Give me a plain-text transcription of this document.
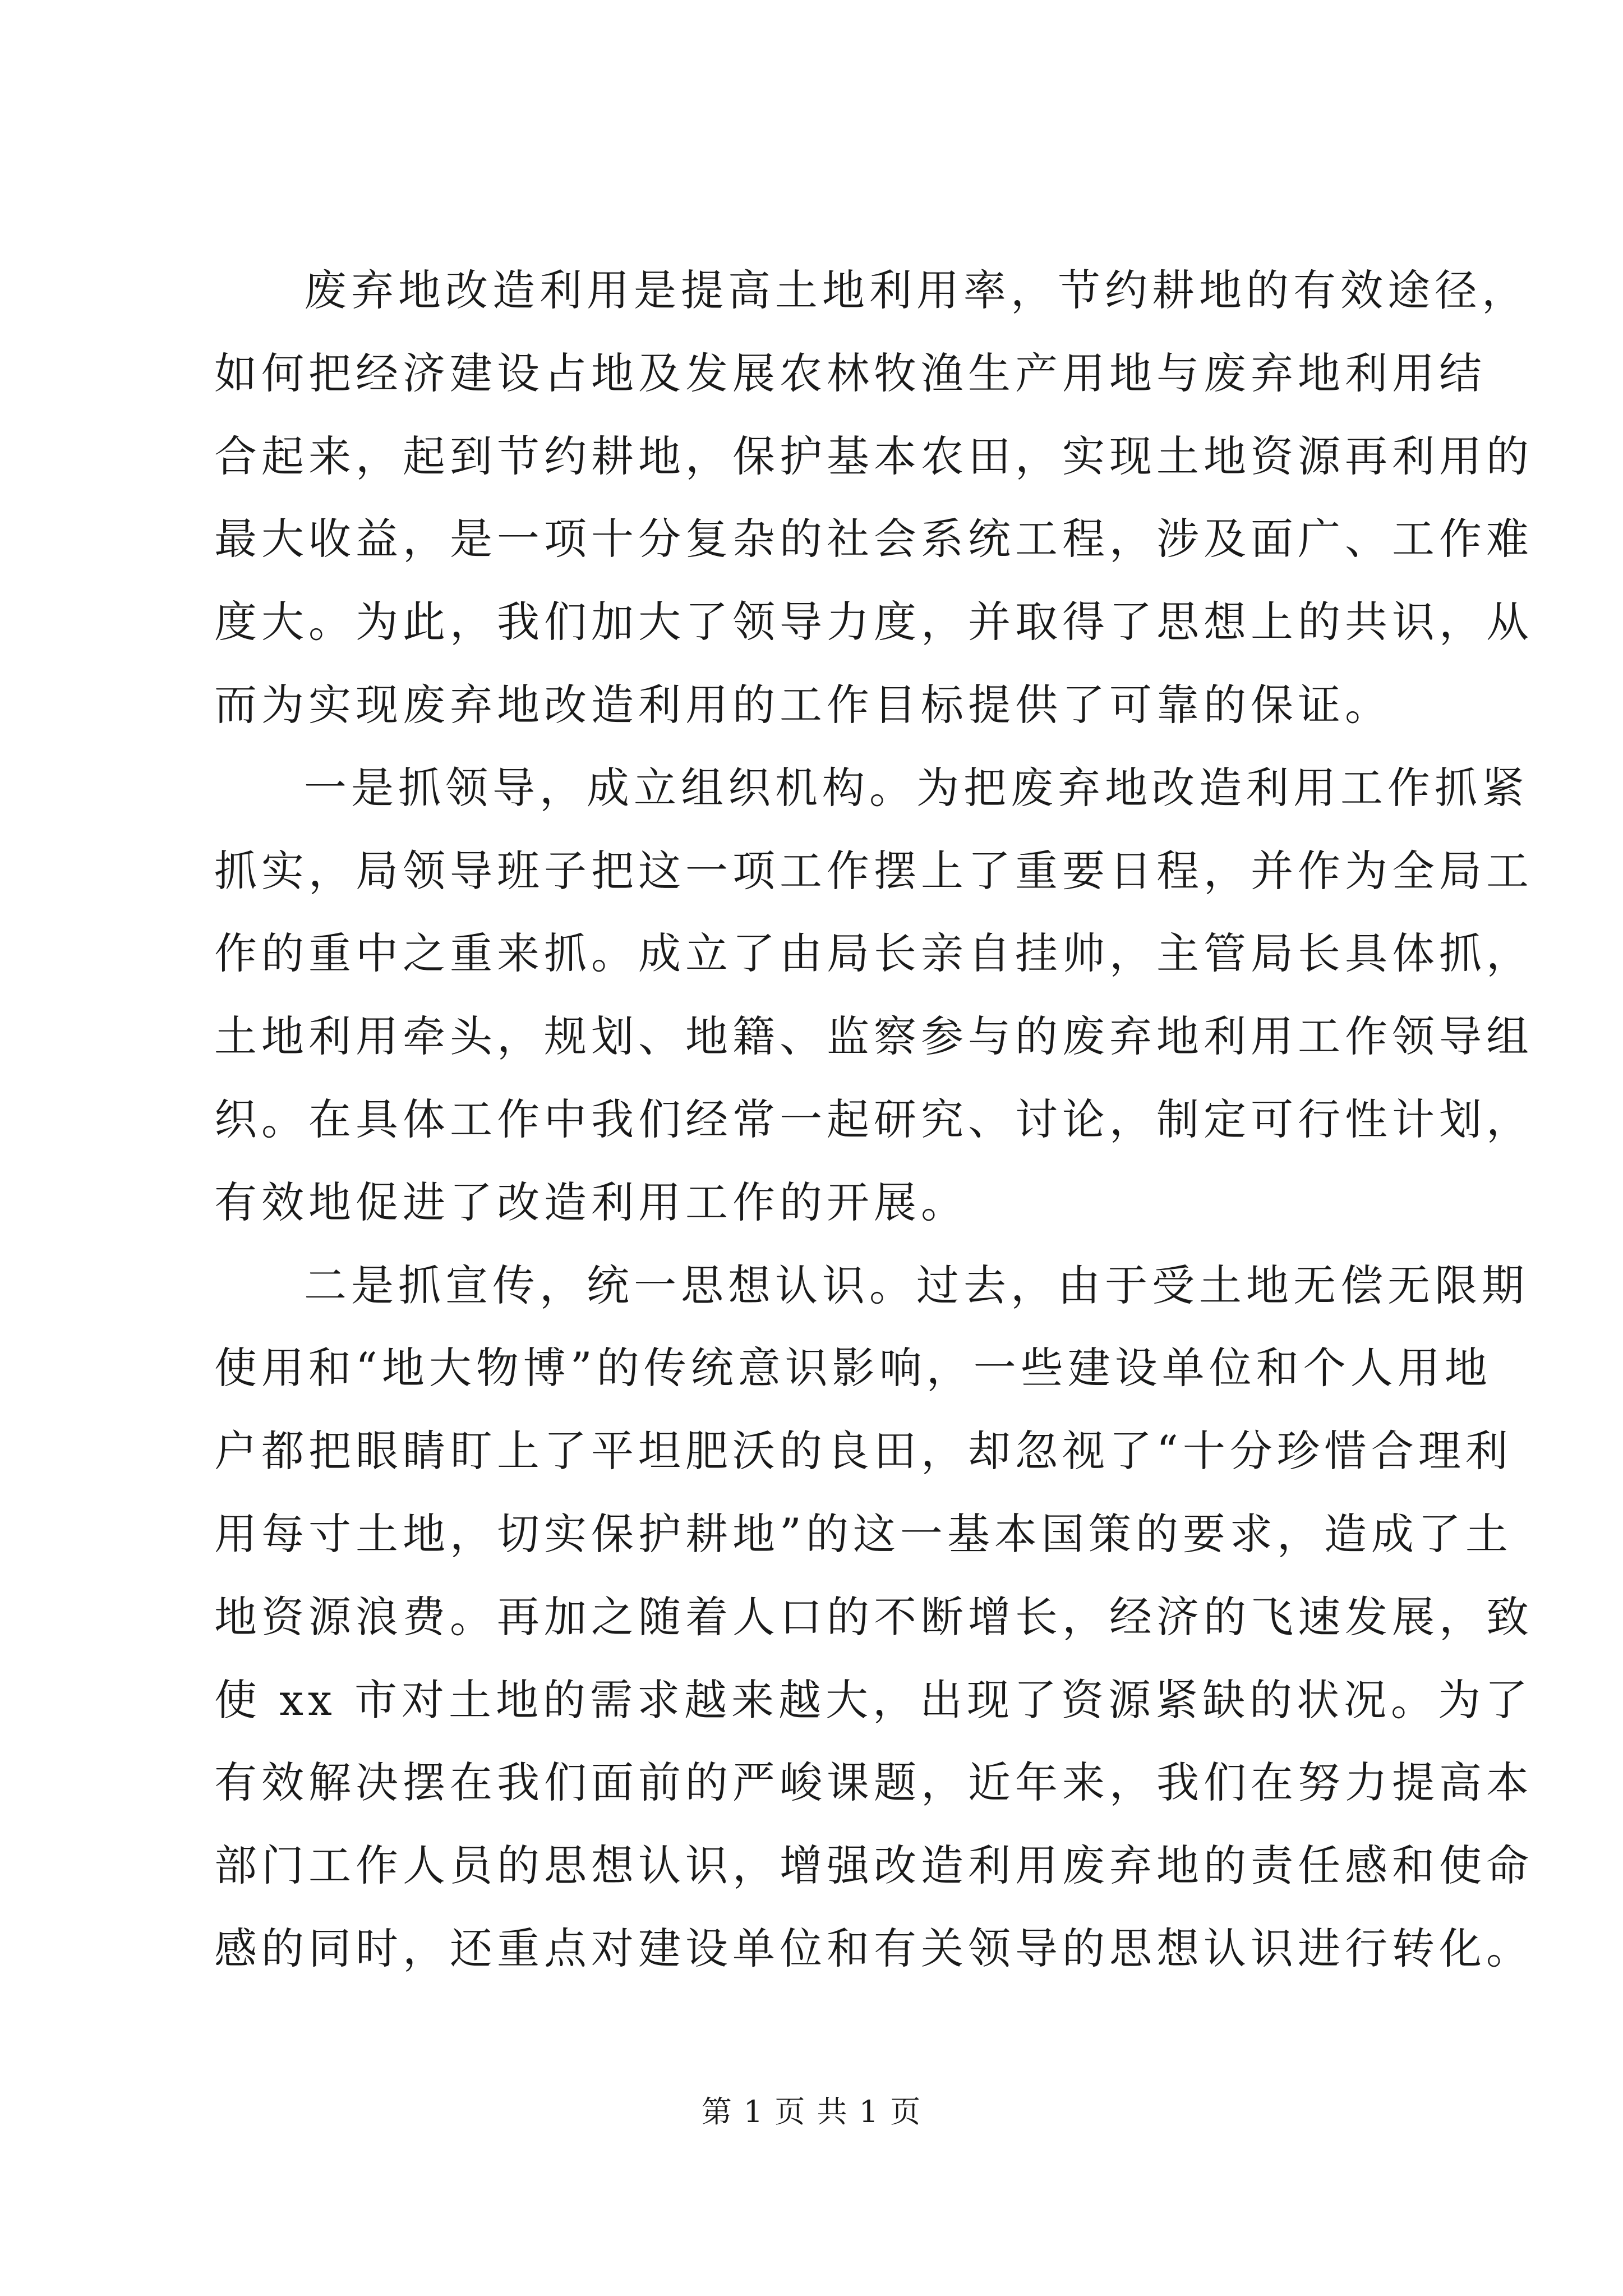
废弃地改造利用是提高土地利用率，节约耕地的有效途径，
如何把经济建设占地及发展农林牧渔生产用地与废弃地利用结
合起来，起到节约耕地，保护基本农田，实现土地资源再利用的
最大收益，是一项十分复杂的社会系统工程，涉及面广、工作难
度大。为此，我们加大了领导力度，并取得了思想上的共识，从
而为实现废弃地改造利用的工作目标提供了可靠的保证。
一是抓领导，成立组织机构。为把废弃地改造利用工作抓紧
抓实，局领导班子把这一项工作摆上了重要日程，并作为全局工
作的重中之重来抓。成立了由局长亲自挂帅，主管局长具体抓，
土地利用牵头，规划、地籍、监察参与的废弃地利用工作领导组
织。在具体工作中我们经常一起研究、讨论，制定可行性计划，
有效地促进了改造利用工作的开展。
二是抓宣传，统一思想认识。过去，由于受土地无偿无限期
使用和“地大物博”的传统意识影响，一些建设单位和个人用地
户都把眼睛盯上了平坦肥沃的良田，却忽视了“十分珍惜合理利
用每寸土地，切实保护耕地”的这一基本国策的要求，造成了土
地资源浪费。再加之随着人口的不断增长，经济的飞速发展，致
使 xx 市对土地的需求越来越大，出现了资源紧缺的状况。为了
有效解决摆在我们面前的严峻课题，近年来，我们在努力提高本
部门工作人员的思想认识，增强改造利用废弃地的责任感和使命
感的同时，还重点对建设单位和有关领导的思想认识进行转化。
第 1 页 共 1 页
